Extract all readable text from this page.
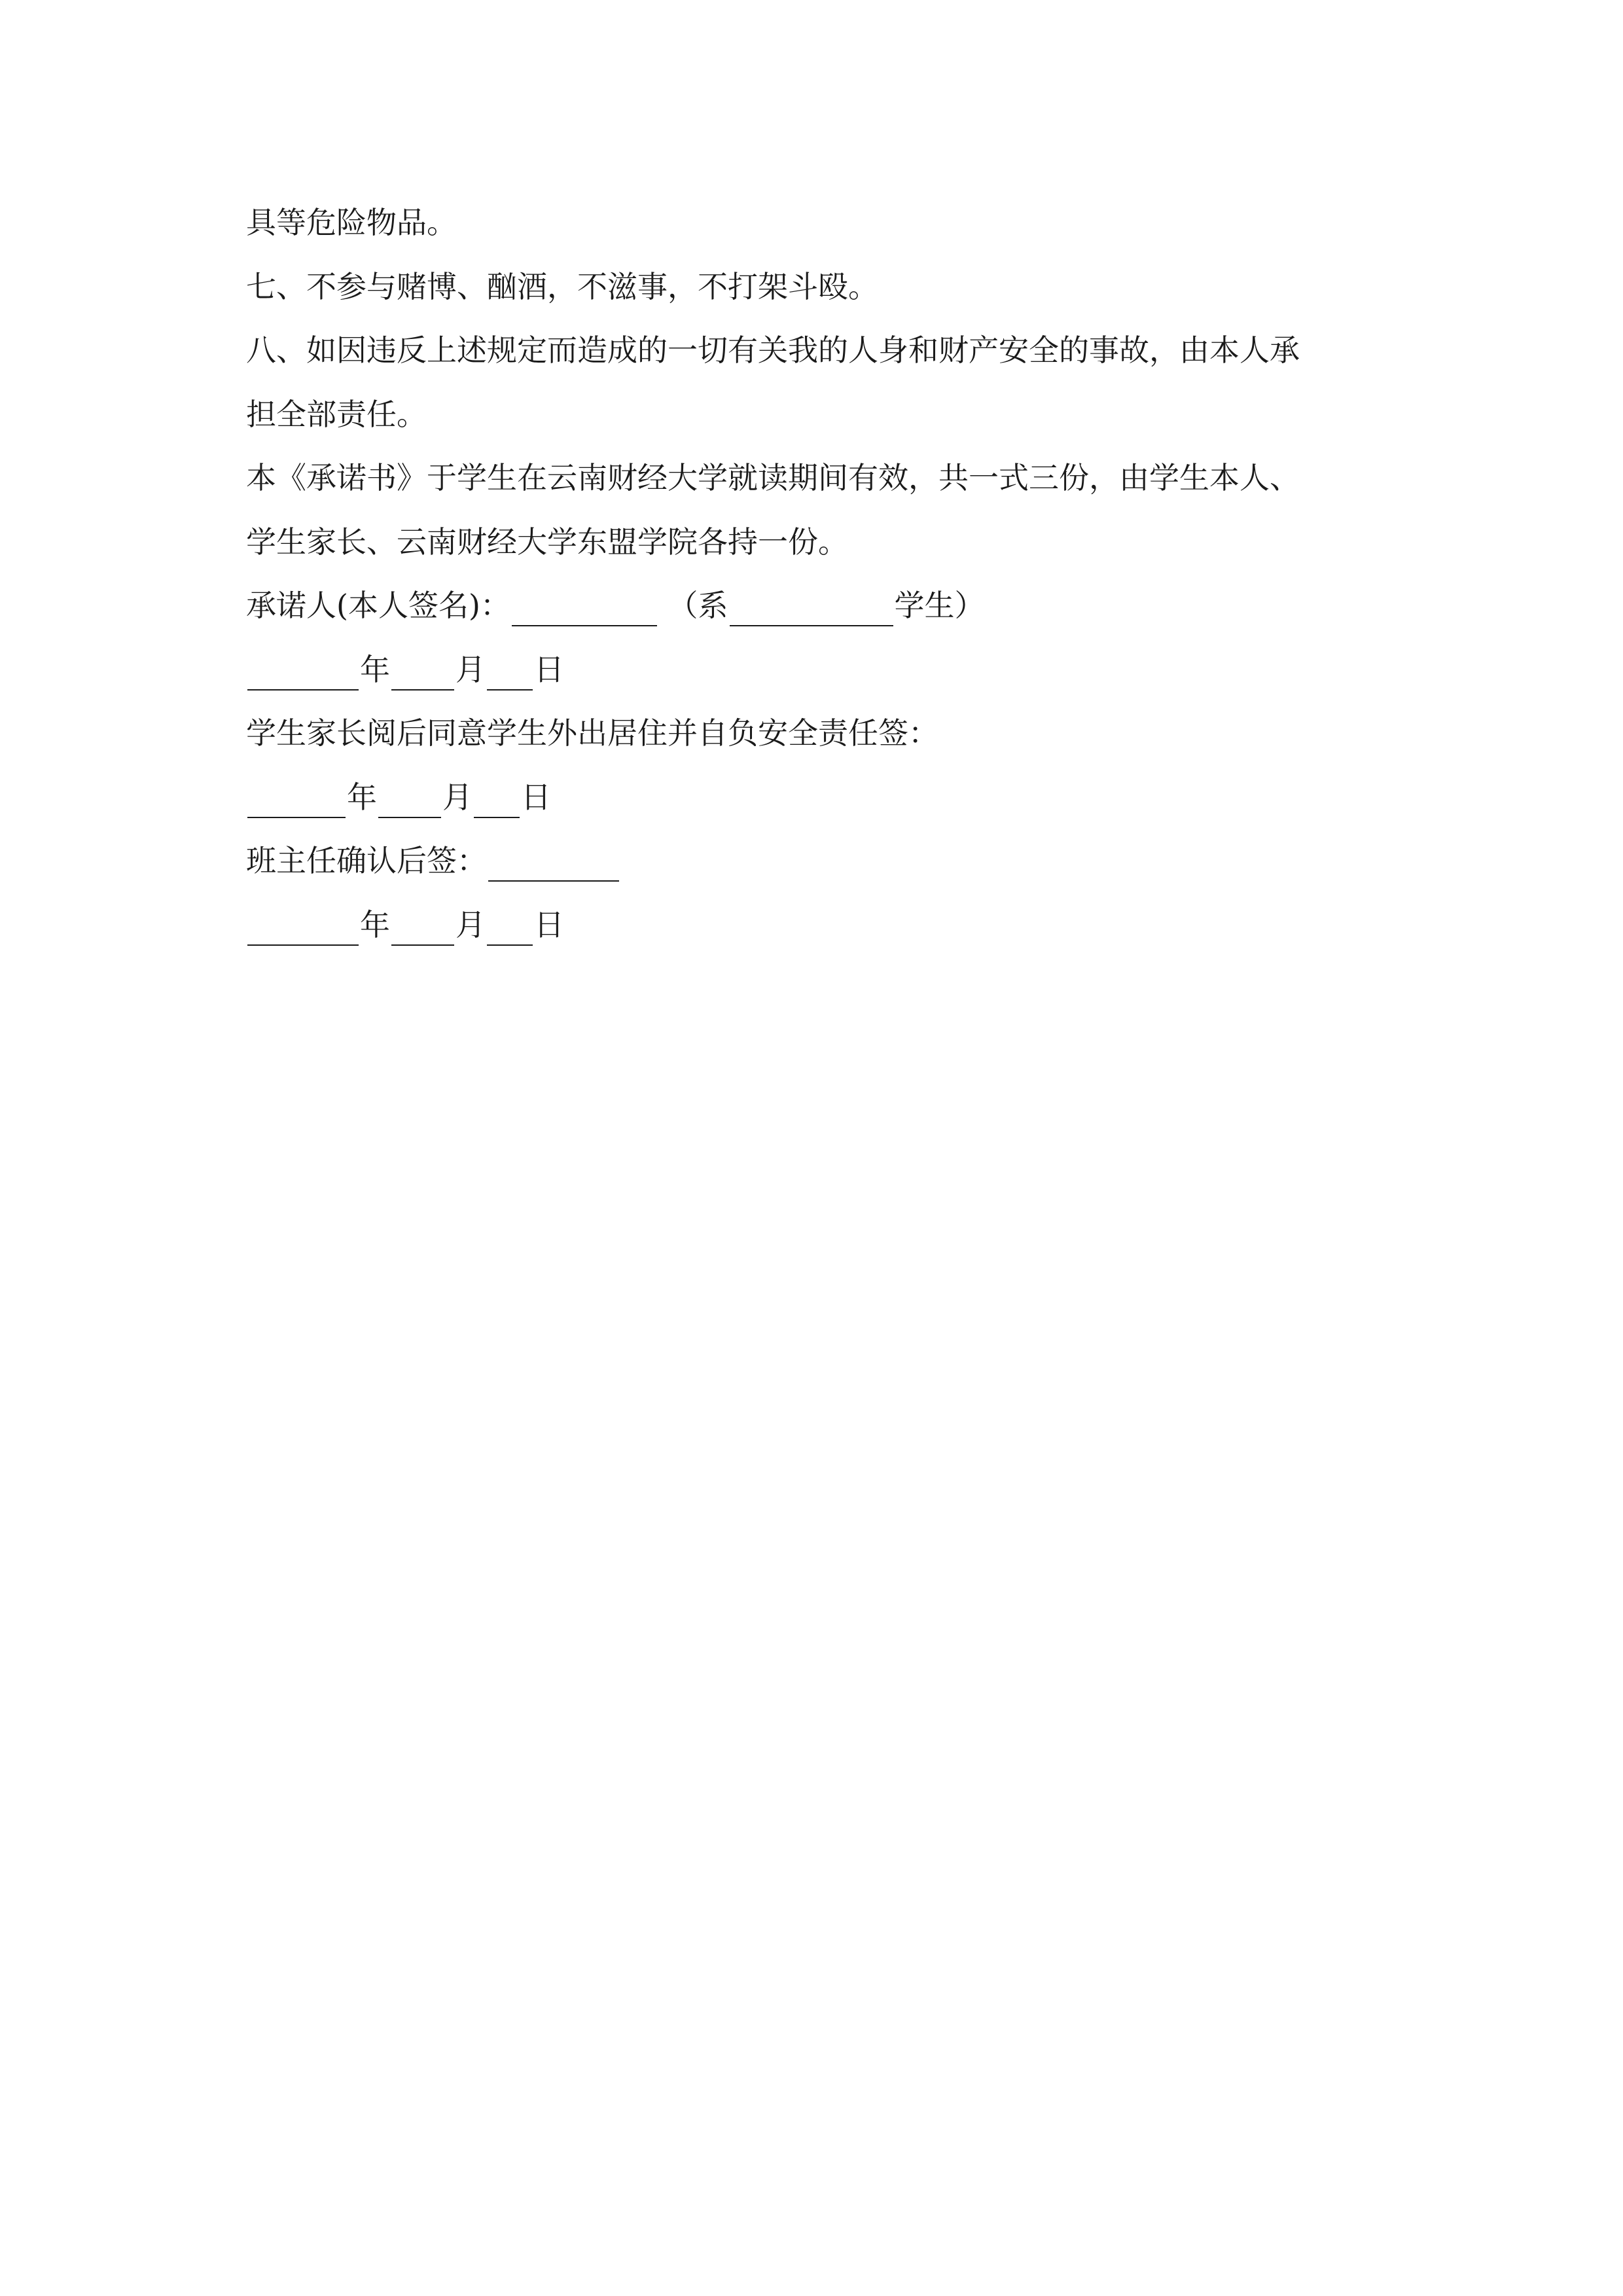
具等危险物品。
七、不参与赌博、酗酒，不滋事，不打架斗殴。
八、如因违反上述规定而造成的一切有关我的人身和财产安全的事故，由本人承
担全部责任。
本《承诺书》于学生在云南财经大学就读期间有效，共一式三份，由学生本人、
学生家长、云南财经大学东盟学院各持一份。
承诺人(本人签名)：	（系	学生）
年 月 日
学生家长阅后同意学生外出居住并自负安全责任签：
年 月 日
班主任确认后签：
年 月 日
